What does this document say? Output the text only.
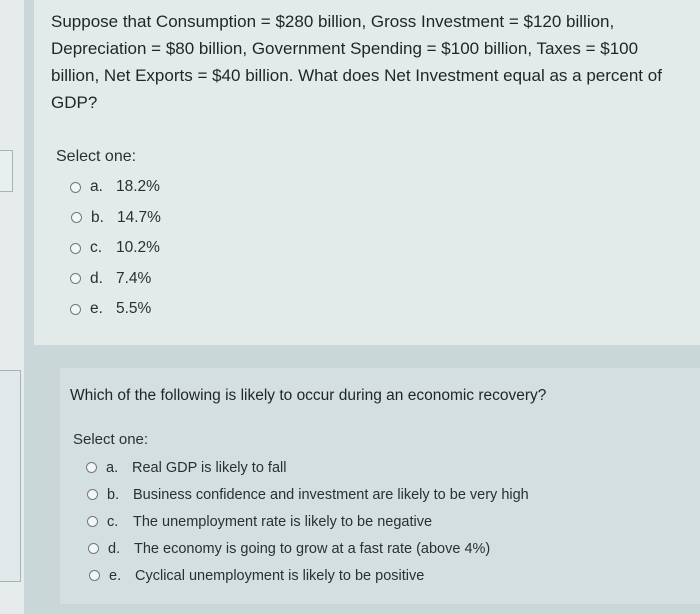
Suppose that Consumption = $280 billion, Gross Investment = $120 billion, Depreciation = $80 billion, Government Spending = $100 billion, Taxes = $100 billion, Net Exports = $40 billion. What does Net Investment equal as a percent of GDP?
Select one:
a. 18.2%
b. 14.7%
c. 10.2%
d. 7.4%
e. 5.5%
Which of the following is likely to occur during an economic recovery?
Select one:
a. Real GDP is likely to fall
b. Business confidence and investment are likely to be very high
c.	The unemployment rate is likely to be negative
d. The economy is going to grow at a fast rate (above 4%)
e. Cyclical unemployment is likely to be positive
